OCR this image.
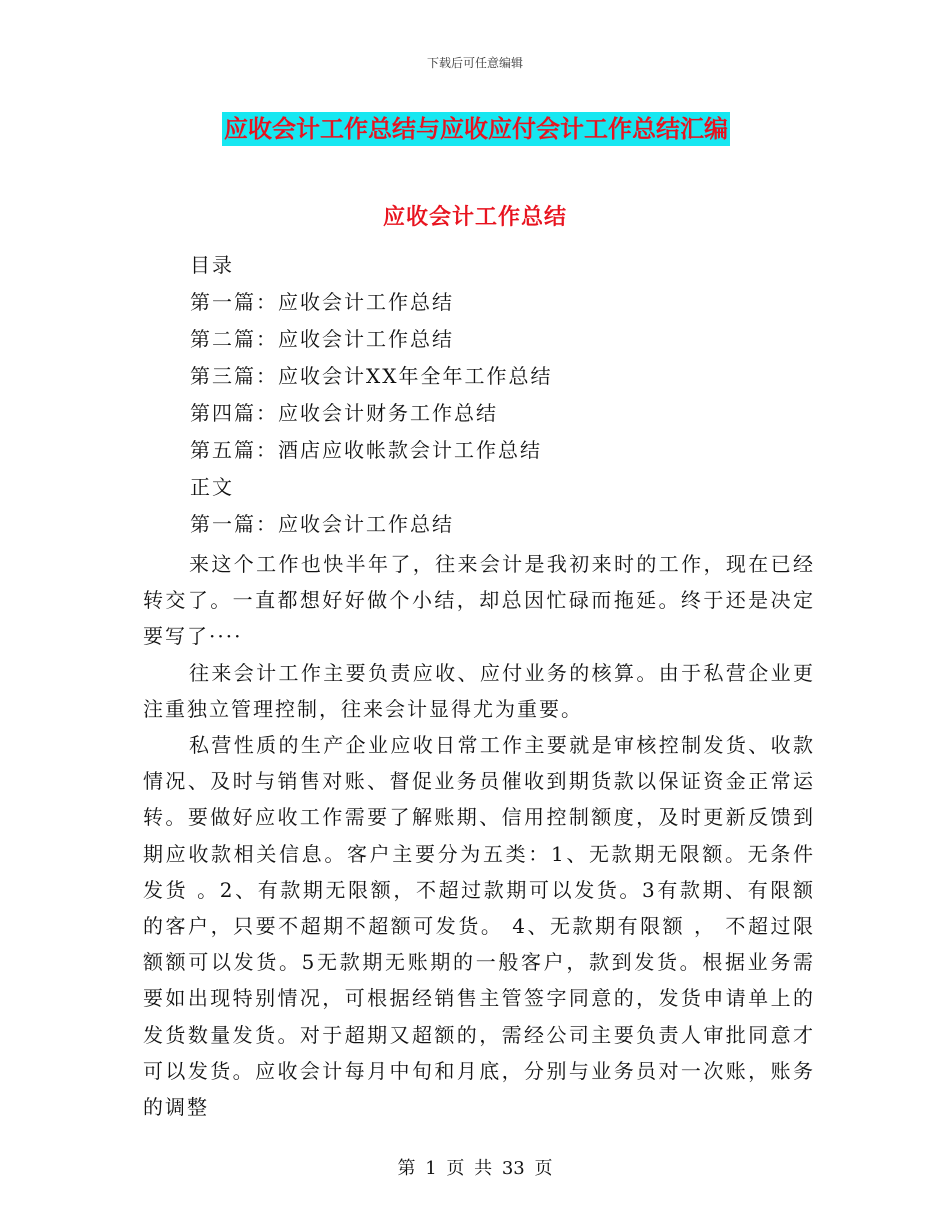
下载后可任意编辑
应收会计工作总结与应收应付会计工作总结汇编
应收会计工作总结
目录
第一篇：应收会计工作总结
第二篇：应收会计工作总结
第三篇：应收会计XX年全年工作总结
第四篇：应收会计财务工作总结
第五篇：酒店应收帐款会计工作总结
正文
第一篇：应收会计工作总结

来这个工作也快半年了，往来会计是我初来时的工作，现在已经转交了。一直都想好好做个小结，却总因忙碌而拖延。终于还是决定要写了····

往来会计工作主要负责应收、应付业务的核算。由于私营企业更注重独立管理控制，往来会计显得尤为重要。

私营性质的生产企业应收日常工作主要就是审核控制发货、收款情况、及时与销售对账、督促业务员催收到期货款以保证资金正常运转。要做好应收工作需要了解账期、信用控制额度，及时更新反馈到期应收款相关信息。客户主要分为五类：1、无款期无限额。无条件发货 。2、有款期无限额，不超过款期可以发货。3有款期、有限额的客户，只要不超期不超额可发货。 4、无款期有限额 ， 不超过限额额可以发货。5无款期无账期的一般客户，款到发货。根据业务需要如出现特别情况，可根据经销售主管签字同意的，发货申请单上的发货数量发货。对于超期又超额的，需经公司主要负责人审批同意才可以发货。应收会计每月中旬和月底，分别与业务员对一次账，账务的调整

第 1 页 共 33 页
